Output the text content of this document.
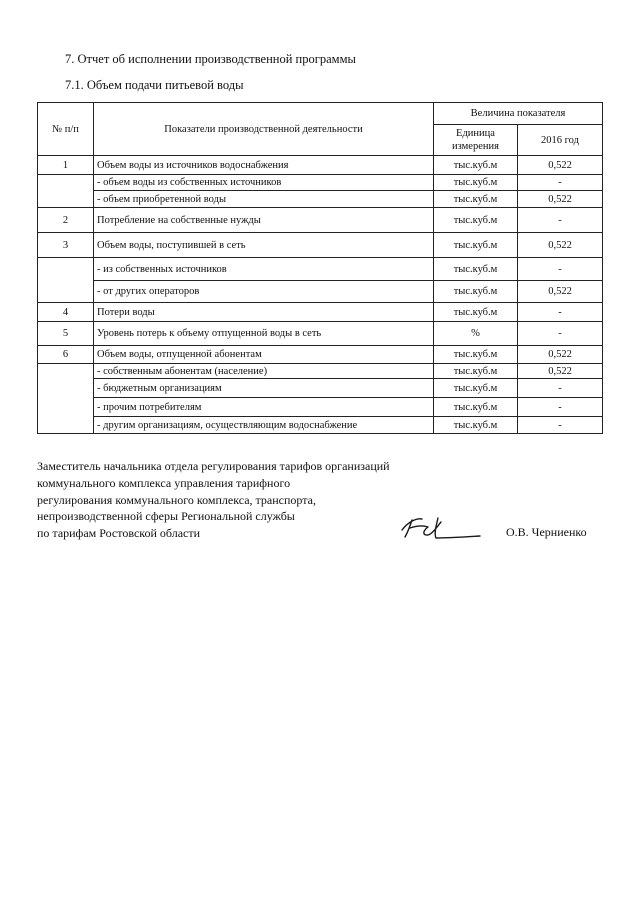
7. Отчет об исполнении производственной программы
7.1. Объем подачи питьевой воды
№ п/п	Показатели производственной деятельности	Величина показателя	
		Единица измерения	2016 год
1	Объем воды из источников водоснабжения	тыс.куб.м	0,522
	- объем воды из собственных источников	тыс.куб.м	-
	- объем приобретенной воды	тыс.куб.м	0,522
2	Потребление на собственные нужды	тыс.куб.м	-
3	Объем воды, поступившей в сеть	тыс.куб.м	0,522
	- из собственных источников	тыс.куб.м	-
	- от других операторов	тыс.куб.м	0,522
4	Потери воды	тыс.куб.м	-
5	Уровень потерь к объему отпущенной воды в сеть	%	-
6	Объем воды, отпущенной абонентам	тыс.куб.м	0,522
	- собственным абонентам (население)	тыс.куб.м	0,522
	- бюджетным организациям	тыс.куб.м	-
	- прочим потребителям	тыс.куб.м	-
	- другим организациям, осуществляющим водоснабжение	тыс.куб.м	-
Заместитель начальника отдела регулирования тарифов организаций
коммунального комплекса управления тарифного
регулирования коммунального комплекса, транспорта,
непроизводственной сферы Региональной службы
по тарифам Ростовской области	О.В. Черниенко
